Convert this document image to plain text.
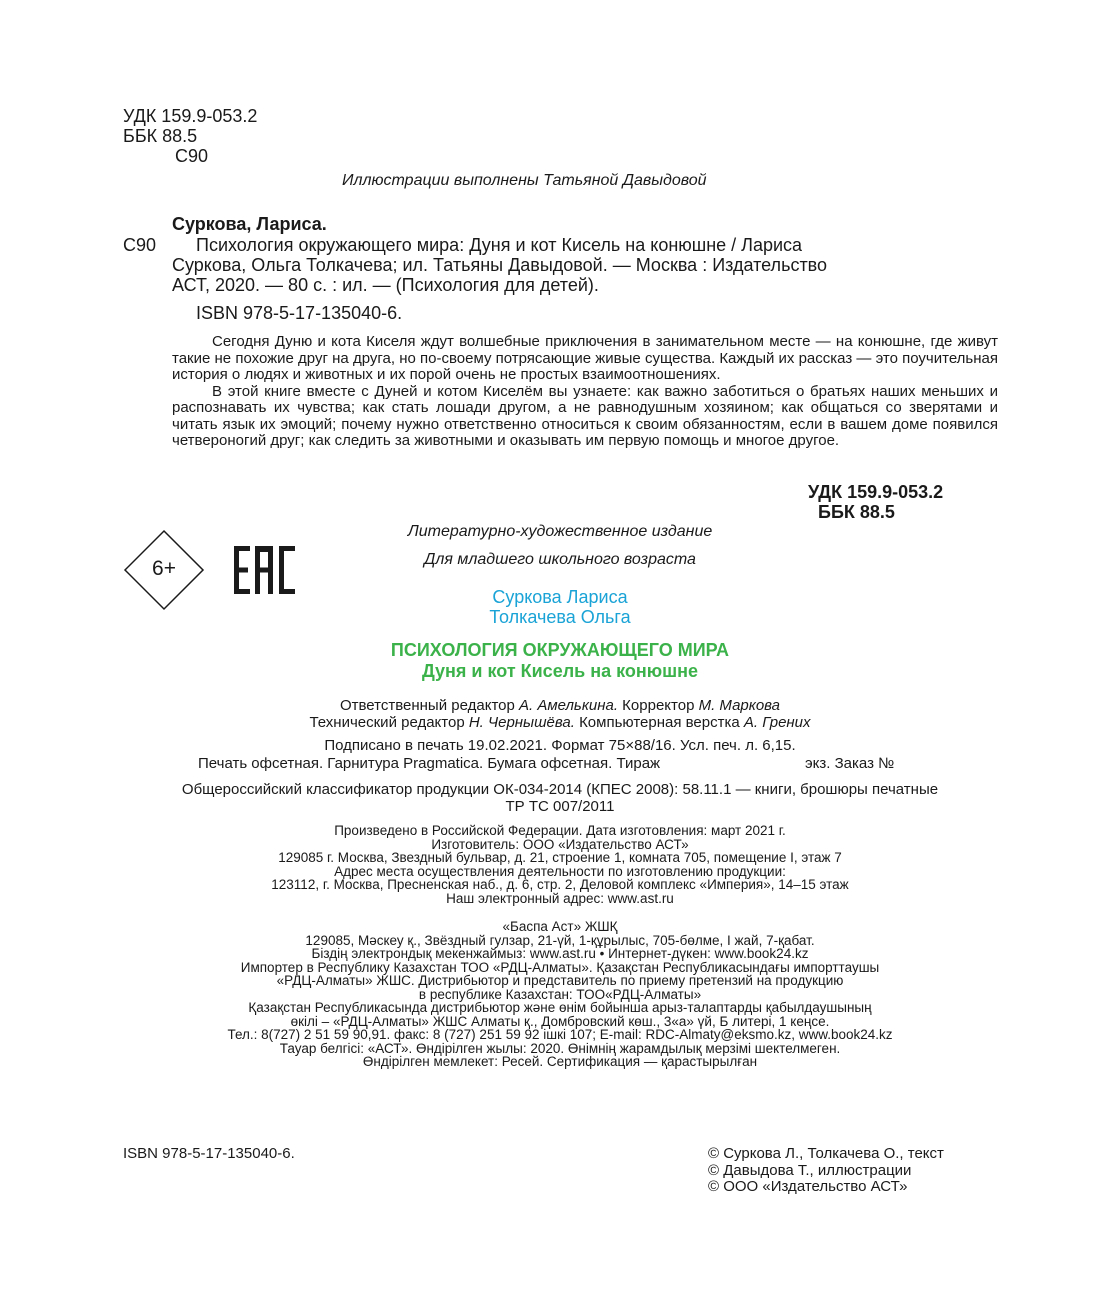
УДК 159.9-053.2
ББК 88.5
С90
Иллюстрации выполнены Татьяной Давыдовой
Суркова, Лариса.
С90	Психология окружающего мира: Дуня и кот Кисель на конюшне / Лариса
Суркова, Ольга Толкачева; ил. Татьяны Давыдовой. — Москва : Издательство
АСТ, 2020. — 80 с. : ил. — (Психология для детей).
ISBN 978-5-17-135040-6.
Сегодня Дуню и кота Киселя ждут волшебные приключения в занимательном месте — на конюшне, где живут такие не похожие друг на друга, но по-своему потрясающие живые существа. Каждый их рассказ — это поучительная история о людях и животных и их порой очень не простых взаимоотношениях.
В этой книге вместе с Дуней и котом Киселём вы узнаете: как важно заботиться о братьях наших меньших и распознавать их чувства; как стать лошади другом, а не равнодушным хозяином; как общаться со зверятами и читать язык их эмоций; почему нужно ответственно относиться к своим обязанностям, если в вашем доме появился четвероногий друг; как следить за животными и оказывать им первую помощь и многое другое.
УДК 159.9-053.2
ББК 88.5
6+
Литературно-художественное издание
Для младшего школьного возраста
Суркова Лариса
Толкачева Ольга
ПСИХОЛОГИЯ ОКРУЖАЮЩЕГО МИРА
Дуня и кот Кисель на конюшне
Ответственный редактор А. Амелькина. Корректор М. Маркова
Технический редактор Н. Чернышёва. Компьютерная верстка А. Грених
Подписано в печать 19.02.2021. Формат 75×88/16. Усл. печ. л. 6,15.
Печать офсетная. Гарнитура Pragmatica. Бумага офсетная. Тираж	экз. Заказ №
Общероссийский классификатор продукции ОК-034-2014 (КПЕС 2008): 58.11.1 — книги, брошюры печатные
ТР ТС 007/2011
Произведено в Российской Федерации. Дата изготовления: март 2021 г.
Изготовитель: ООО «Издательство АСТ»
129085 г. Москва, Звездный бульвар, д. 21, строение 1, комната 705, помещение I, этаж 7
Адрес места осуществления деятельности по изготовлению продукции:
123112, г. Москва, Пресненская наб., д. 6, стр. 2, Деловой комплекс «Империя», 14–15 этаж
Наш электронный адрес: www.ast.ru
«Баспа Аст» ЖШҚ
129085, Мәскеу қ., Звёздный гулзар, 21-үй, 1-құрылыс, 705-бөлме, I жай, 7-қабат.
Біздің электрондық мекенжаймыз: www.ast.ru • Интернет-дүкен: www.book24.kz
Импортер в Республику Казахстан ТОО «РДЦ-Алматы». Қазақстан Республикасындағы импорттаушы
«РДЦ-Алматы» ЖШС. Дистрибьютор и представитель по приему претензий на продукцию
в республике Казахстан: ТОО«РДЦ-Алматы»
Қазақстан Республикасында дистрибьютор және өнім бойынша арыз-талаптарды қабылдаушының
өкілі – «РДЦ-Алматы» ЖШС Алматы қ., Домбровский көш., 3«а» үй, Б литері, 1 кеңсе.
Тел.: 8(727) 2 51 59 90,91. факс: 8 (727) 251 59 92 ішкі 107; E-mail: RDC-Almaty@eksmo.kz, www.book24.kz
Тауар белгісі: «АСТ». Өндірілген жылы: 2020. Өнімнің жарамдылық мерзімі шектелмеген.
Өндірілген мемлекет: Ресей. Сертификация — қарастырылған
ISBN 978-5-17-135040-6.	© Суркова Л., Толкачева О., текст
© Давыдова Т., иллюстрации
© ООО «Издательство АСТ»
